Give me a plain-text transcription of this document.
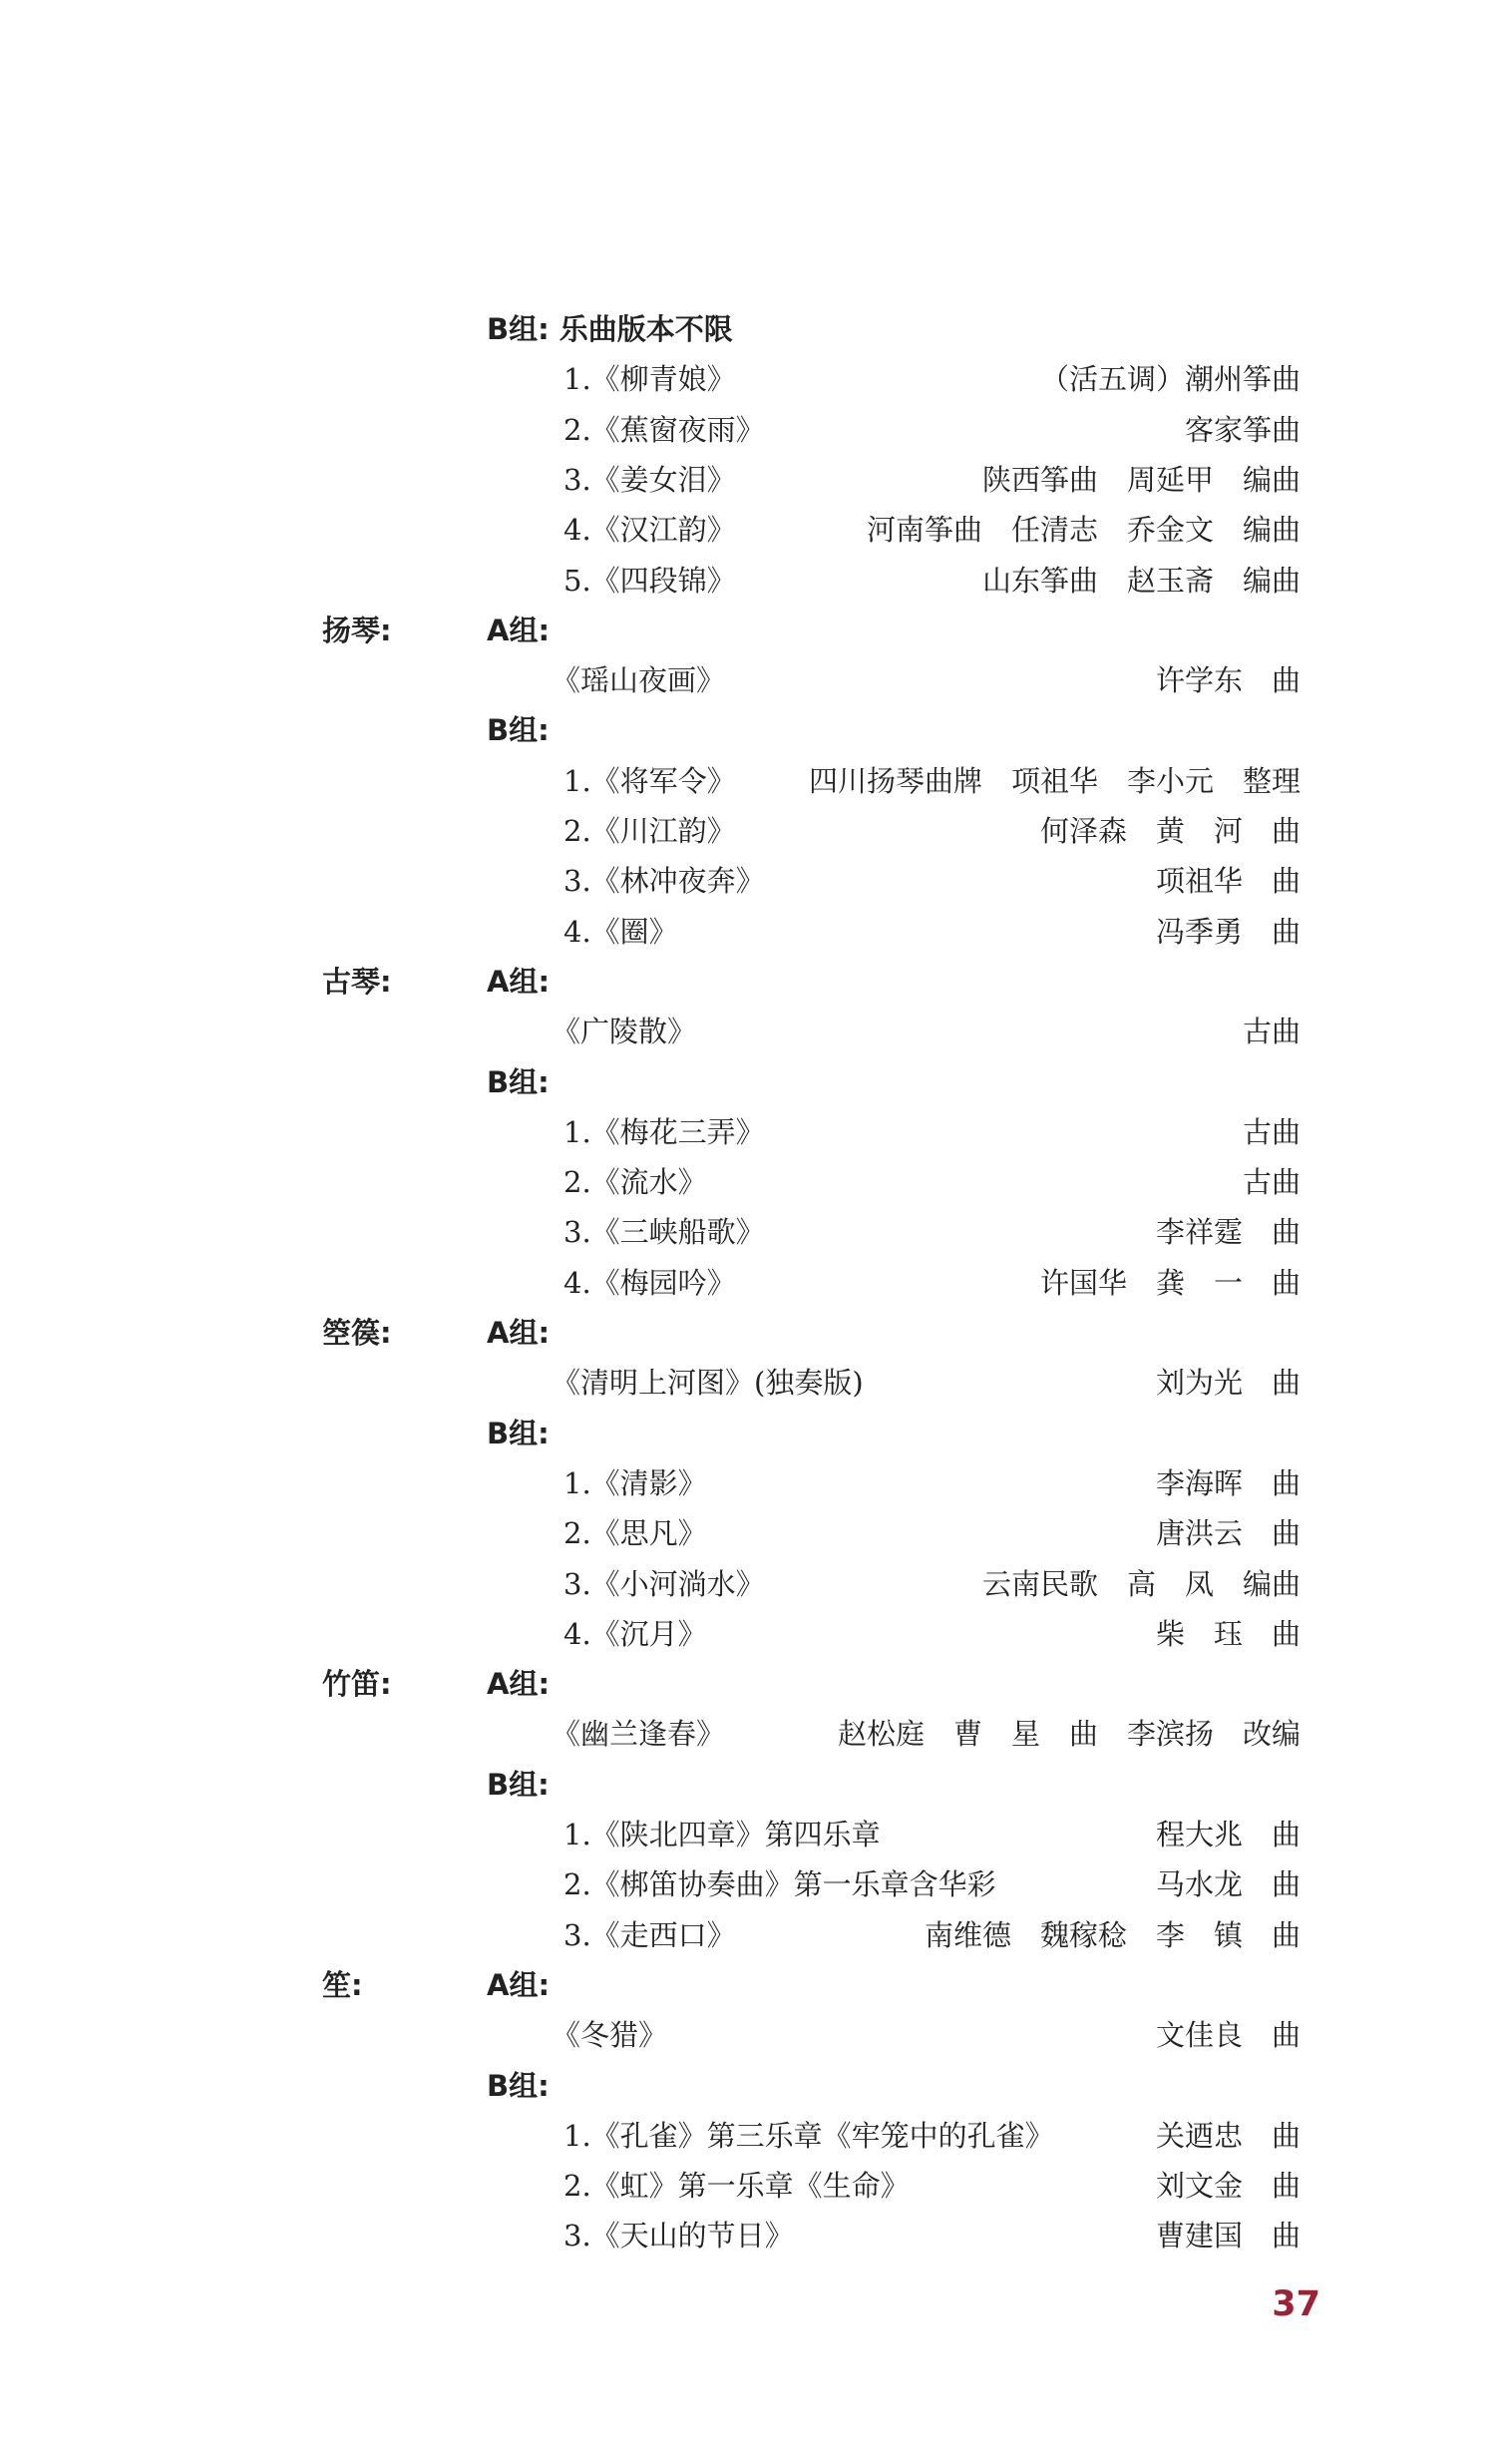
B组: 乐曲版本不限
1.《柳青娘》	（活五调）潮州筝曲
2.《蕉窗夜雨》	客家筝曲
3.《姜女泪》	陕西筝曲　周延甲　编曲
4.《汉江韵》	河南筝曲　任清志　乔金文　编曲
5.《四段锦》	山东筝曲　赵玉斋　编曲
扬琴:	A组:
《瑶山夜画》	许学东　曲
B组:
1.《将军令》	四川扬琴曲牌　项祖华　李小元　整理
2.《川江韵》	何泽森　黄　河　曲
3.《林冲夜奔》	项祖华　曲
4.《圈》	冯季勇　曲
古琴:	A组:
《广陵散》	古曲
B组:
1.《梅花三弄》	古曲
2.《流水》	古曲
3.《三峡船歌》	李祥霆　曲
4.《梅园吟》	许国华　龚　一　曲
箜篌:	A组:
《清明上河图》(独奏版)	刘为光　曲
B组:
1.《清影》	李海晖　曲
2.《思凡》	唐洪云　曲
3.《小河淌水》	云南民歌　高　凤　编曲
4.《沉月》	柴　珏　曲
竹笛:	A组:
《幽兰逢春》	赵松庭　曹　星　曲　李滨扬　改编
B组:
1.《陕北四章》第四乐章	程大兆　曲
2.《梆笛协奏曲》第一乐章含华彩	马水龙　曲
3.《走西口》	南维德　魏稼稔　李　镇　曲
笙:	A组:
《冬猎》	文佳良　曲
B组:
1.《孔雀》第三乐章《牢笼中的孔雀》	关迺忠　曲
2.《虹》第一乐章《生命》	刘文金　曲
3.《天山的节日》	曹建国　曲
37
